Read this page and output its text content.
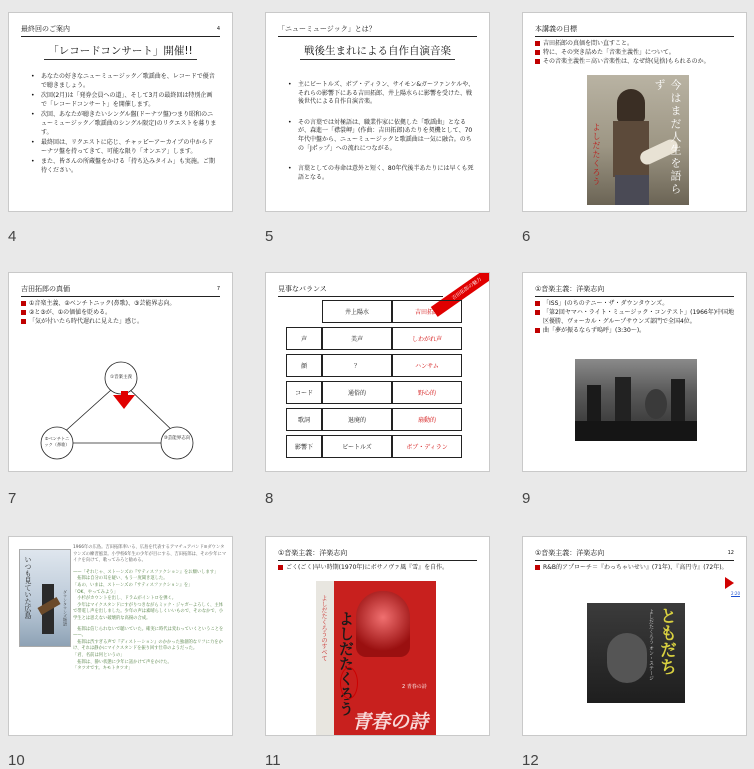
最終回のご案内	4
「レコードコンサート」開催!!
• あなたの好きなニューミュージック／歌謡曲を、レコードで優音で聴きましょう。
• 次回(2月)は「発券会員への道」、そして3月の最終回は特別企画で「レコードコンサート」を開催します。
• 次回、あなたが聴きたいシングル盤(ドーナツ盤)つまり昭和のニューミュージック／歌謡曲のシングル限定)のリクエストを募ります。
• 最終回は、リクエストに応じ、チャッピーアーカイブの中からドーナツ盤を持ってきて、可能な限り「オンエア」します。
• また、皆さんの所蔵盤をかける「持ち込みタイム」も実施。ご期待ください。
4
「ニューミュージック」とは？
戦後生まれによる自作自演音楽
• 主にビートルズ、ボブ・ディラン、サイモン&ガーファンケルや、それらの影響下にある吉田拓郎、井上陽水らに影響を受けた、戦後世代による自作自演音楽。
• その言葉では対極語は、職業作家に依拠した「歌謡曲」となるが、森進一「襟裳岬」(作曲：吉田拓郎)あたりを契機として、70年代中盤から、ニューミュージックと歌謡曲は一気に融合。のちの「Jポップ」への流れにつながる。
• 言葉としての寿命は意外と短く、80年代後半あたりには早くも死語となる。
5
本講義の目標
吉田拓郎の真価を問い直すこと。
特に、その突き詰めた「音楽主義性」について。
その音楽主義性＝高い音楽性は、なぜ終(見捨)もられるのか。
今はまだ人生を語らず
よしだたくろう
6
吉田拓郎の真価	7
①音楽主義、②ベンチトニック(鼻歌)、③芸能界志向。
②と③が、①の価値を貶める。
「気が付いたら時代遅れに見えた」感じ。
①音楽主義
②ベンチトニック（鼻歌）
③芸能界志向
7
見事なバランス	吉田拓郎の魅力
	井上陽水	吉田拓郎
声	美声	しわがれ声
顔	？	ハンサム
コード	通俗的	野心的
歌詞	退廃的	扇動的
影響下	ビートルズ	ボブ・ディラン
8
①音楽主義：洋楽志向
「ISS」(のちのテニー・ザ・ダウンタウンズ。
「第2回ヤマハ・ライト・ミュージック・コンテスト」(1966年)中国地区優勝、ヴォーカル・グループサウンズ部門で全国4位。
曲「夢が振るならず嗚呼」(3:30〜)。
9
いつも見ていた広島	ダウンタウンズ物語
1966年の広島。吉田拓郎率いる、広島を代表するアマチュアバンド≡ダウンタウンズの練習風景。小学校6年生の少年が目にする、吉田拓郎は、その少年にマイクを向けて、歌ってみろと勧める。
——「それじゃ、ストーンズの『サティスファクション』をお願いします」
　拓郎は自分の耳を疑い、もう一度聞き返した。
「あの、いまは、ストーンズの『サティスファクション』を」
「OK、やってみよう」
　小杉がカウントを出し、ドラムがイントロを弾く。
　少年はマイクスタンドにすがりつきながらミック・ジャガーよろしく、主体で帯電し声を出しました。少年の声は素晴らしくいいもので、そのなかで、小学生とは思えない破壊的な高揚の合成。
　拓郎は信じられないで聴いていた。確実に時代は変わっていくということを——。
　拓郎は渋すぎる声で『ディストーション』のかかった独創的なリフに力をかけ、それは静かにマイクスタンドを振り回す仕草のようだった。
「君、名前は何というの」
　拓郎は、静い状態に少年に話かけて声をかけた。
「タツオです。キモトタツオ」
10
①音楽主義：洋楽志向
ごく(ごく)早い時期(1970年)にボサノヴァ風『雪』を自作。
よしだたくろうのすべて よしだたくろう	2 青春の詩
青春の詩
11
①音楽主義：洋楽志向	12
R&B的アプローチ＝『わっちゃいせい』(71年)、『高円寺』(72年)。
2:20
ともだち
よしだたくろう オン・ステージ
12
